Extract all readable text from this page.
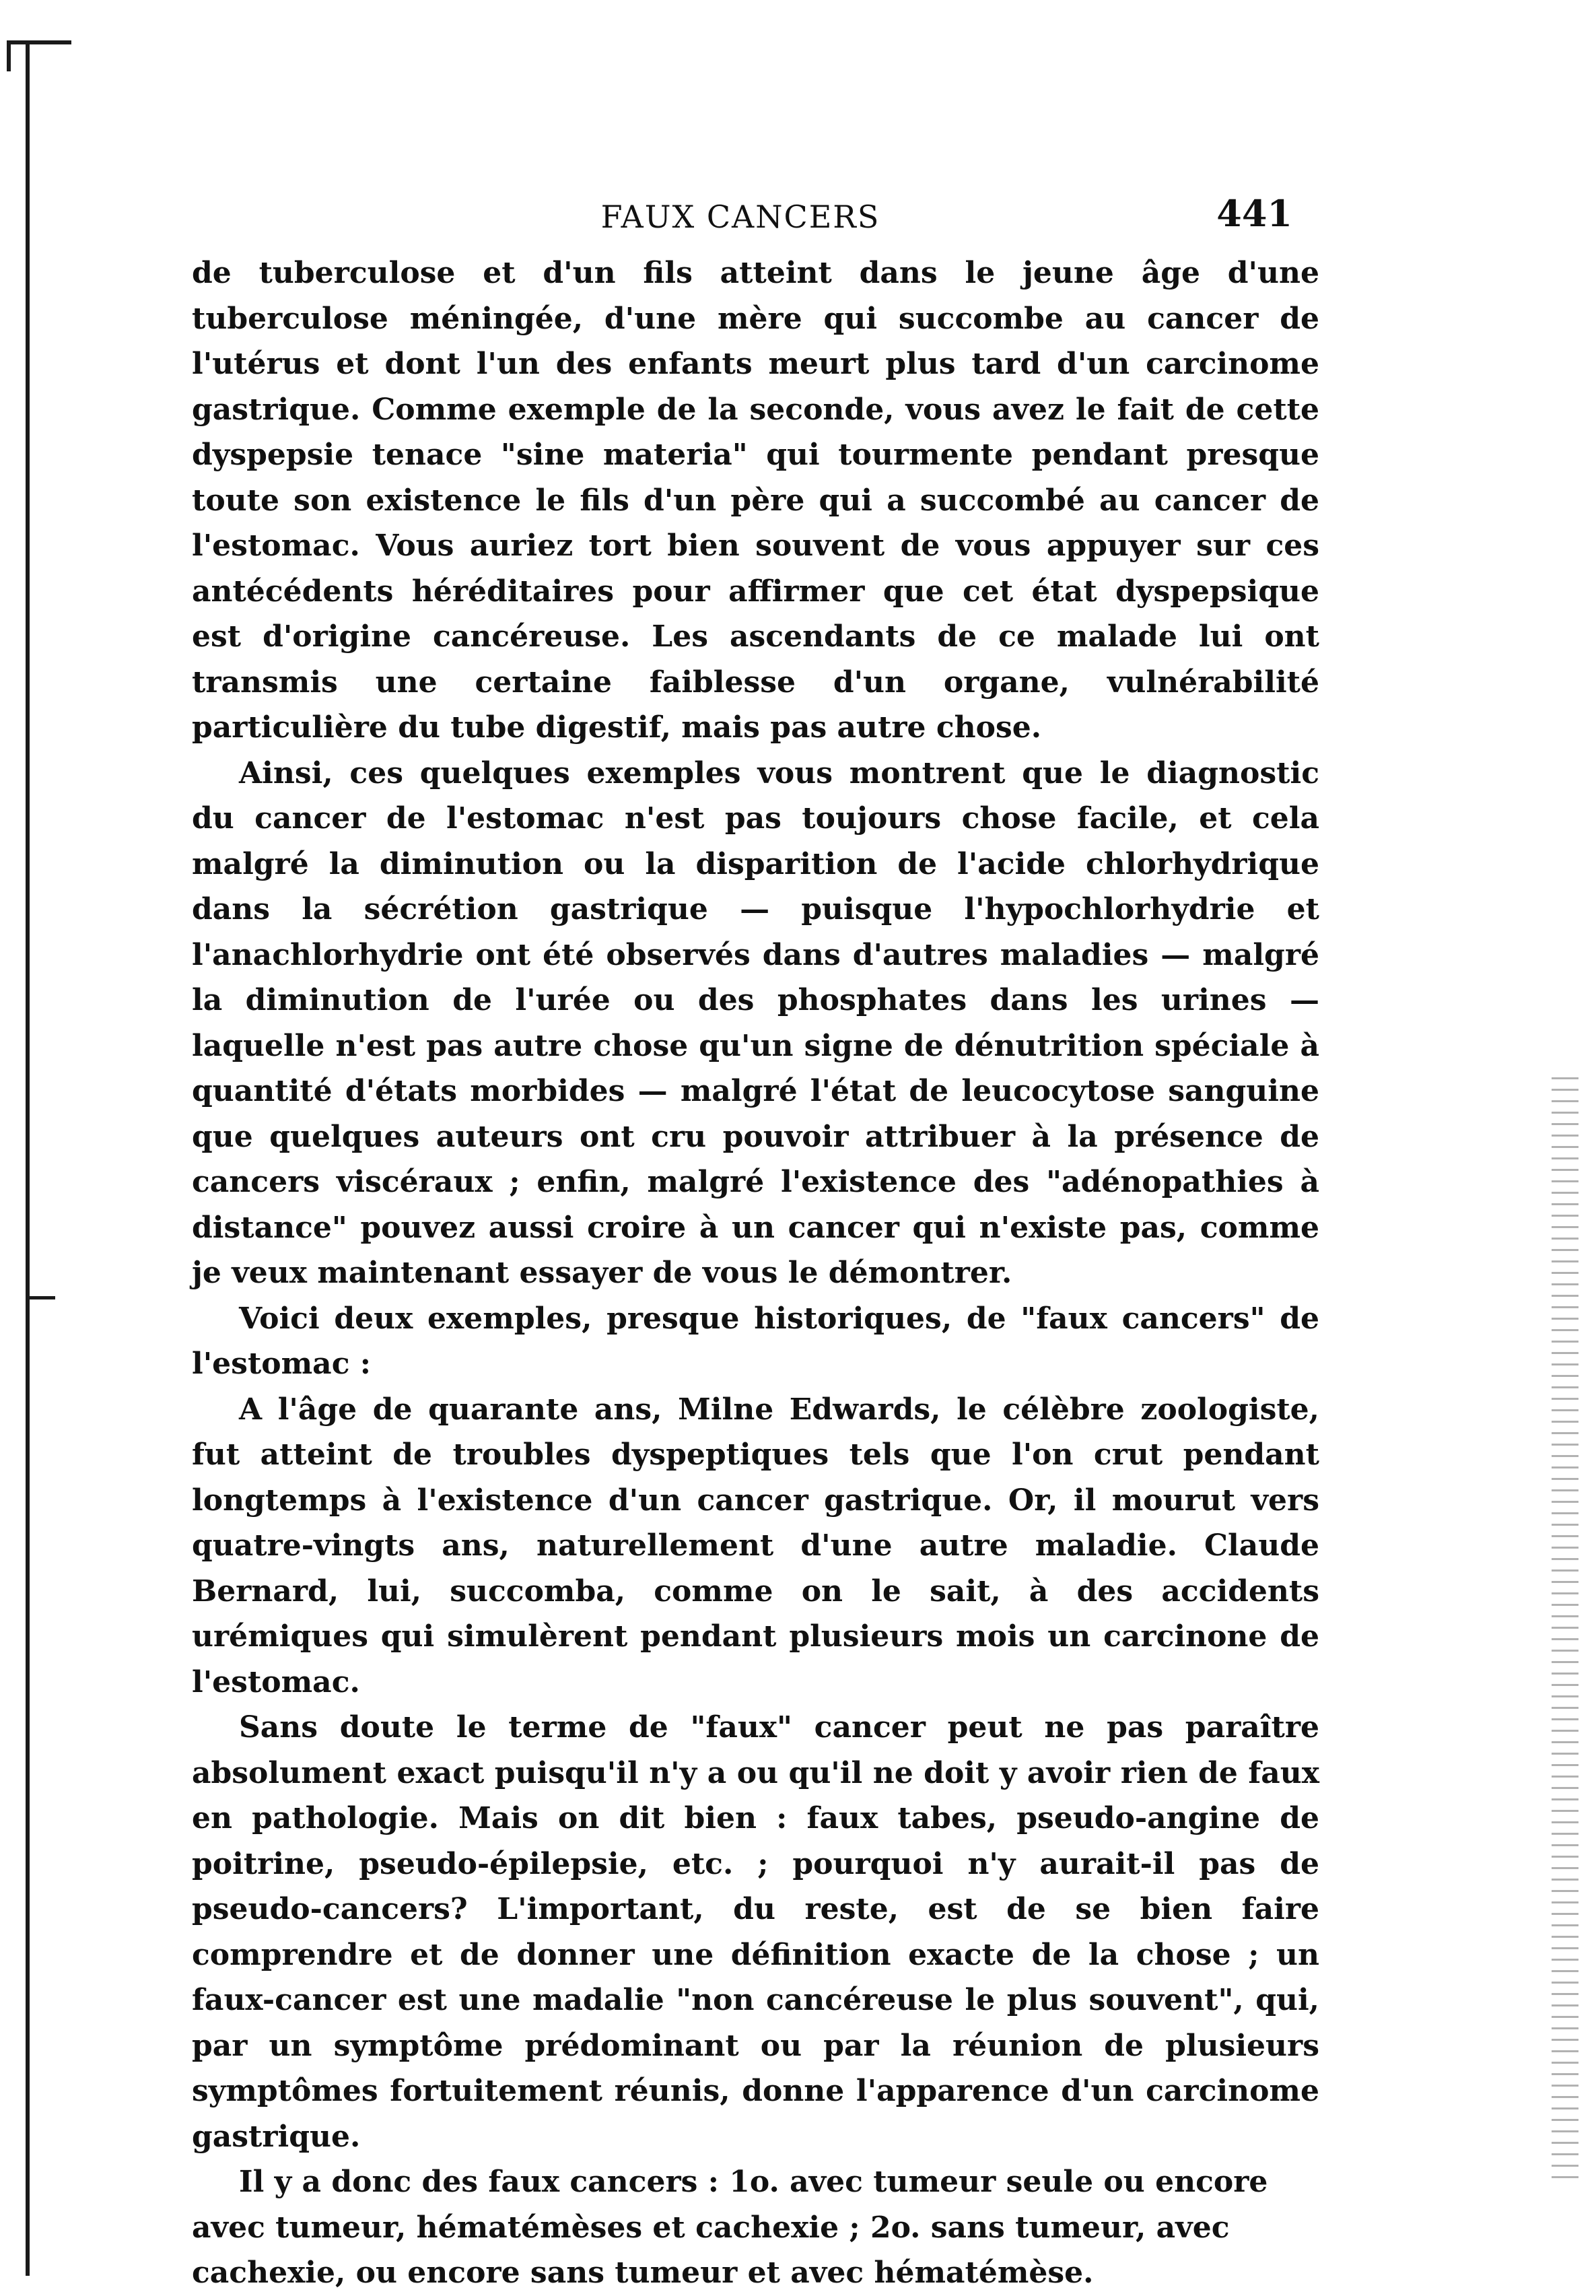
FAUX CANCERS	441

de tuberculose et d'un fils atteint dans le jeune âge d'une tuberculose méningée, d'une mère qui succombe au cancer de l'utérus et dont l'un des enfants meurt plus tard d'un carcinome gastrique. Comme exemple de la seconde, vous avez le fait de cette dyspepsie tenace "sine materia" qui tourmente pendant presque toute son existence le fils d'un père qui a succombé au cancer de l'estomac. Vous auriez tort bien souvent de vous appuyer sur ces antécédents héréditaires pour affirmer que cet état dyspepsique est d'origine cancéreuse. Les ascendants de ce malade lui ont transmis une certaine faiblesse d'un organe, vulnérabilité particulière du tube digestif, mais pas autre chose.

Ainsi, ces quelques exemples vous montrent que le diagnostic du cancer de l'estomac n'est pas toujours chose facile, et cela malgré la diminution ou la disparition de l'acide chlorhydrique dans la sécrétion gastrique — puisque l'hypochlorhydrie et l'anachlorhydrie ont été observés dans d'autres maladies — malgré la diminution de l'urée ou des phosphates dans les urines — laquelle n'est pas autre chose qu'un signe de dénutrition spéciale à quantité d'états morbides — malgré l'état de leucocytose sanguine que quelques auteurs ont cru pouvoir attribuer à la présence de cancers viscéraux ; enfin, malgré l'existence des "adénopathies à distance" pouvez aussi croire à un cancer qui n'existe pas, comme je veux maintenant essayer de vous le démontrer.

Voici deux exemples, presque historiques, de "faux cancers" de l'estomac :

A l'âge de quarante ans, Milne Edwards, le célèbre zoologiste, fut atteint de troubles dyspeptiques tels que l'on crut pendant longtemps à l'existence d'un cancer gastrique. Or, il mourut vers quatre-vingts ans, naturellement d'une autre maladie. Claude Bernard, lui, succomba, comme on le sait, à des accidents urémiques qui simulèrent pendant plusieurs mois un carcinone de l'estomac.

Sans doute le terme de "faux" cancer peut ne pas paraître absolument exact puisqu'il n'y a ou qu'il ne doit y avoir rien de faux en pathologie. Mais on dit bien : faux tabes, pseudo-angine de poitrine, pseudo-épilepsie, etc. ; pourquoi n'y aurait-il pas de pseudo-cancers? L'important, du reste, est de se bien faire comprendre et de donner une définition exacte de la chose ; un faux-cancer est une madalie "non cancéreuse le plus souvent", qui, par un symptôme prédominant ou par la réunion de plusieurs symptômes fortuitement réunis, donne l'apparence d'un carcinome gastrique.

Il y a donc des faux cancers : 1o. avec tumeur seule ou encore avec tumeur, hématémèses et cachexie ; 2o. sans tumeur, avec cachexie, ou encore sans tumeur et avec hématémèse.
